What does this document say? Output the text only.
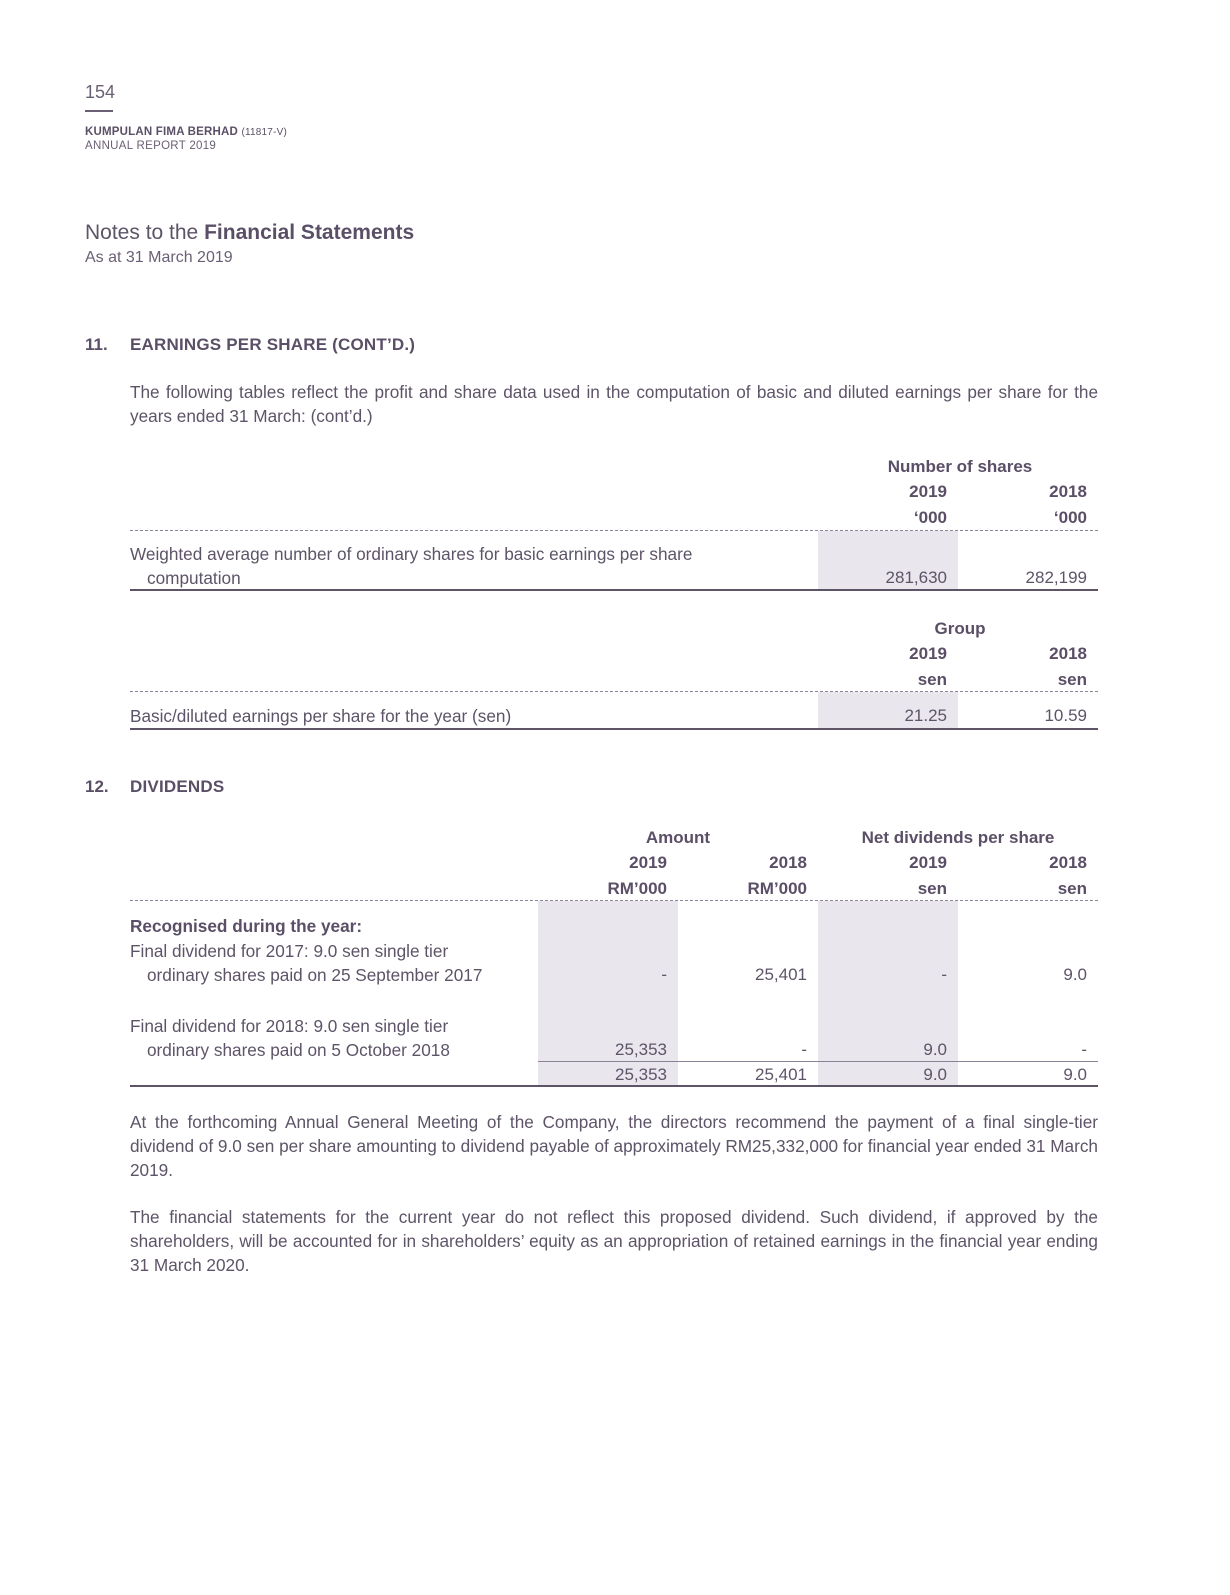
154
KUMPULAN FIMA BERHAD (11817-V)
ANNUAL REPORT 2019
Notes to the Financial Statements
As at 31 March 2019
11. EARNINGS PER SHARE (CONT’D.)
The following tables reflect the profit and share data used in the computation of basic and diluted earnings per share for the years ended 31 March: (cont’d.)
Number of shares
2019	2018
‘000	‘000
Weighted average number of ordinary shares for basic earnings per share
computation	281,630	282,199
Group
2019	2018
sen	sen
Basic/diluted earnings per share for the year (sen)	21.25	10.59
12. DIVIDENDS
Amount	Net dividends per share
2019	2018	2019	2018
RM’000	RM’000	sen	sen
Recognised during the year:
Final dividend for 2017: 9.0 sen single tier
ordinary shares paid on 25 September 2017	-	25,401	-	9.0
Final dividend for 2018: 9.0 sen single tier
ordinary shares paid on 5 October 2018	25,353	-	9.0	-
25,353	25,401	9.0	9.0
At the forthcoming Annual General Meeting of the Company, the directors recommend the payment of a final single-tier dividend of 9.0 sen per share amounting to dividend payable of approximately RM25,332,000 for financial year ended 31 March 2019.
The financial statements for the current year do not reflect this proposed dividend. Such dividend, if approved by the shareholders, will be accounted for in shareholders’ equity as an appropriation of retained earnings in the financial year ending 31 March 2020.
